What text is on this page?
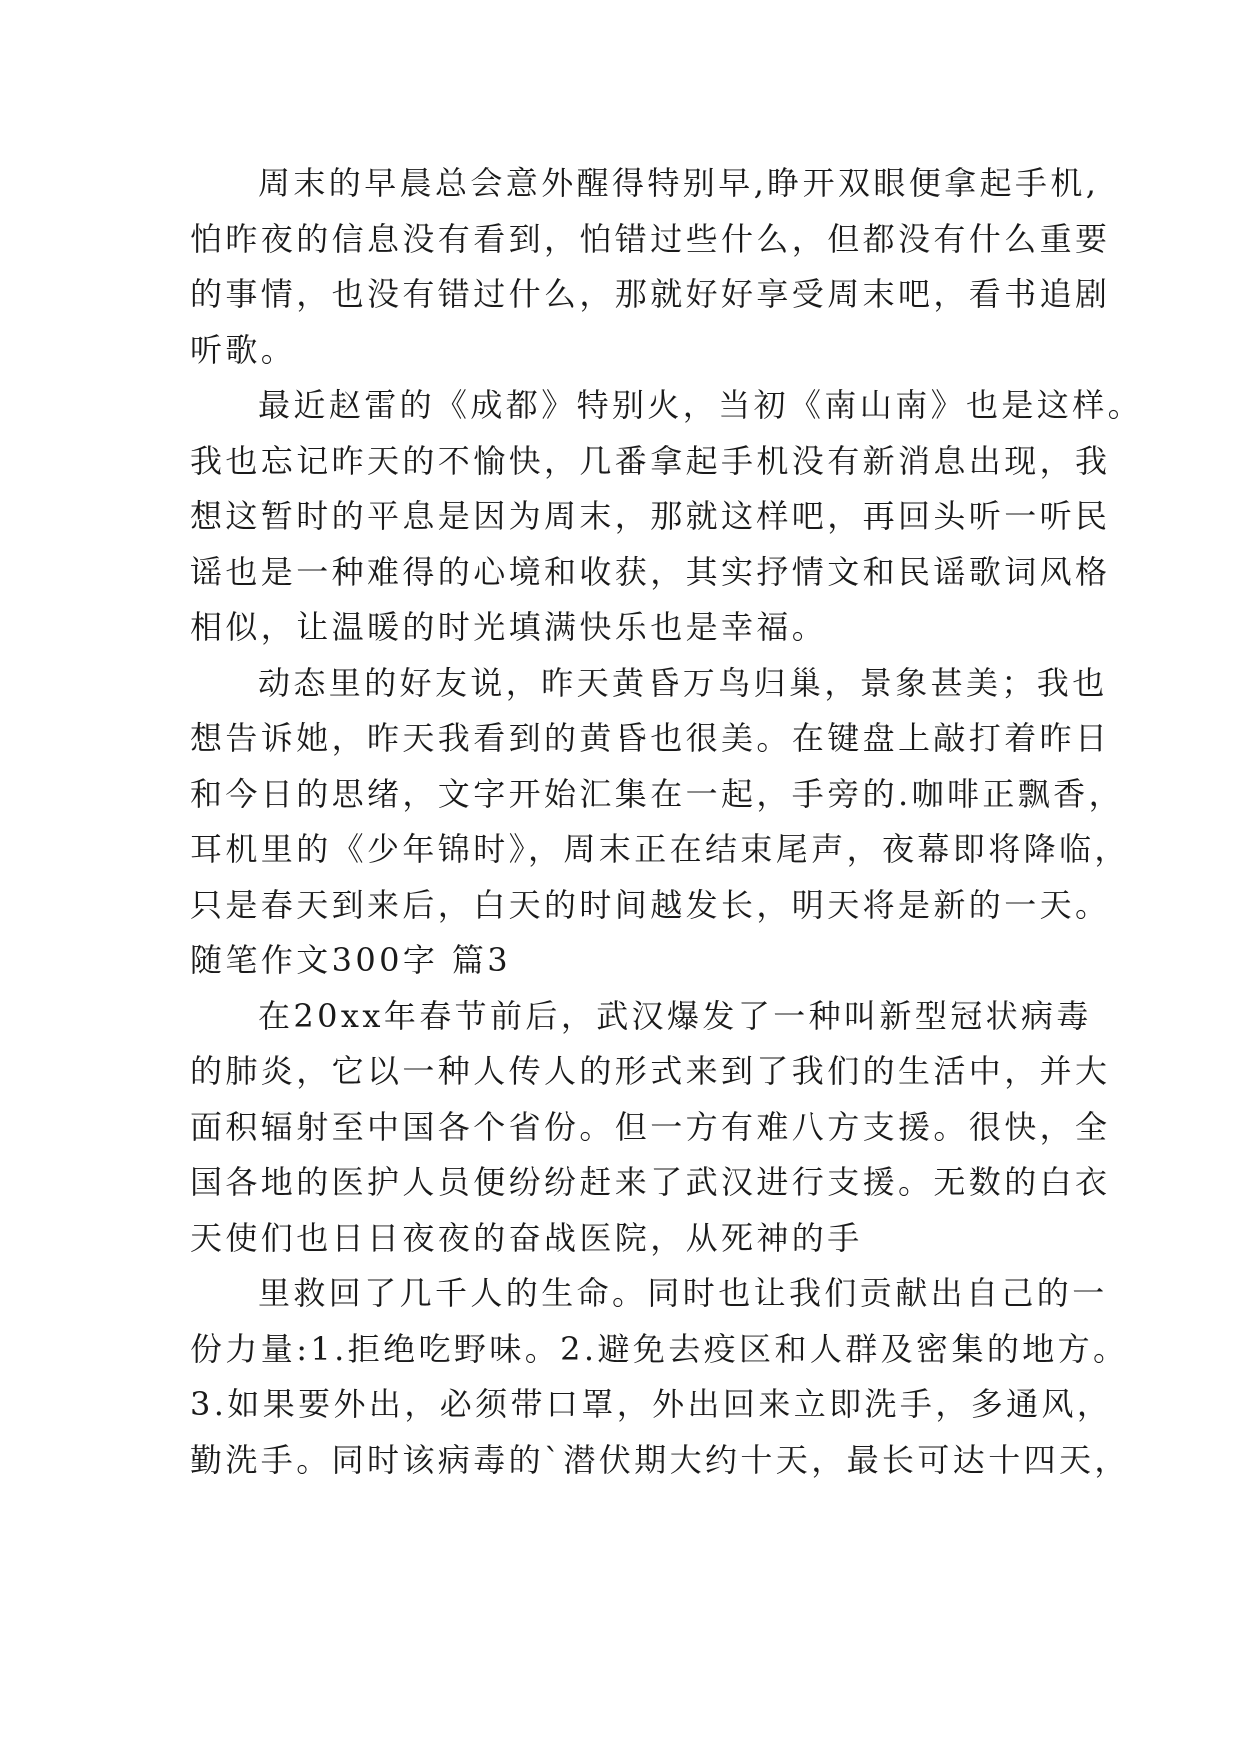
周末的早晨总会意外醒得特别早,睁开双眼便拿起手机,
怕昨夜的信息没有看到，怕错过些什么，但都没有什么重要
的事情，也没有错过什么，那就好好享受周末吧，看书追剧
听歌。

最近赵雷的《成都》特别火，当初《南山南》也是这样。
我也忘记昨天的不愉快，几番拿起手机没有新消息出现，我
想这暂时的平息是因为周末，那就这样吧，再回头听一听民
谣也是一种难得的心境和收获，其实抒情文和民谣歌词风格
相似，让温暖的时光填满快乐也是幸福。

动态里的好友说，昨天黄昏万鸟归巢，景象甚美；我也
想告诉她，昨天我看到的黄昏也很美。在键盘上敲打着昨日
和今日的思绪，文字开始汇集在一起，手旁的.咖啡正飘香，
耳机里的《少年锦时》，周末正在结束尾声，夜幕即将降临，
只是春天到来后，白天的时间越发长，明天将是新的一天。

随笔作文300字 篇3

在20xx年春节前后，武汉爆发了一种叫新型冠状病毒
的肺炎，它以一种人传人的形式来到了我们的生活中，并大
面积辐射至中国各个省份。但一方有难八方支援。很快，全
国各地的医护人员便纷纷赶来了武汉进行支援。无数的白衣
天使们也日日夜夜的奋战医院，从死神的手

里救回了几千人的生命。同时也让我们贡献出自己的一
份力量:1.拒绝吃野味。2.避免去疫区和人群及密集的地方。
3.如果要外出，必须带口罩，外出回来立即洗手，多通风，
勤洗手。同时该病毒的`潜伏期大约十天，最长可达十四天，
